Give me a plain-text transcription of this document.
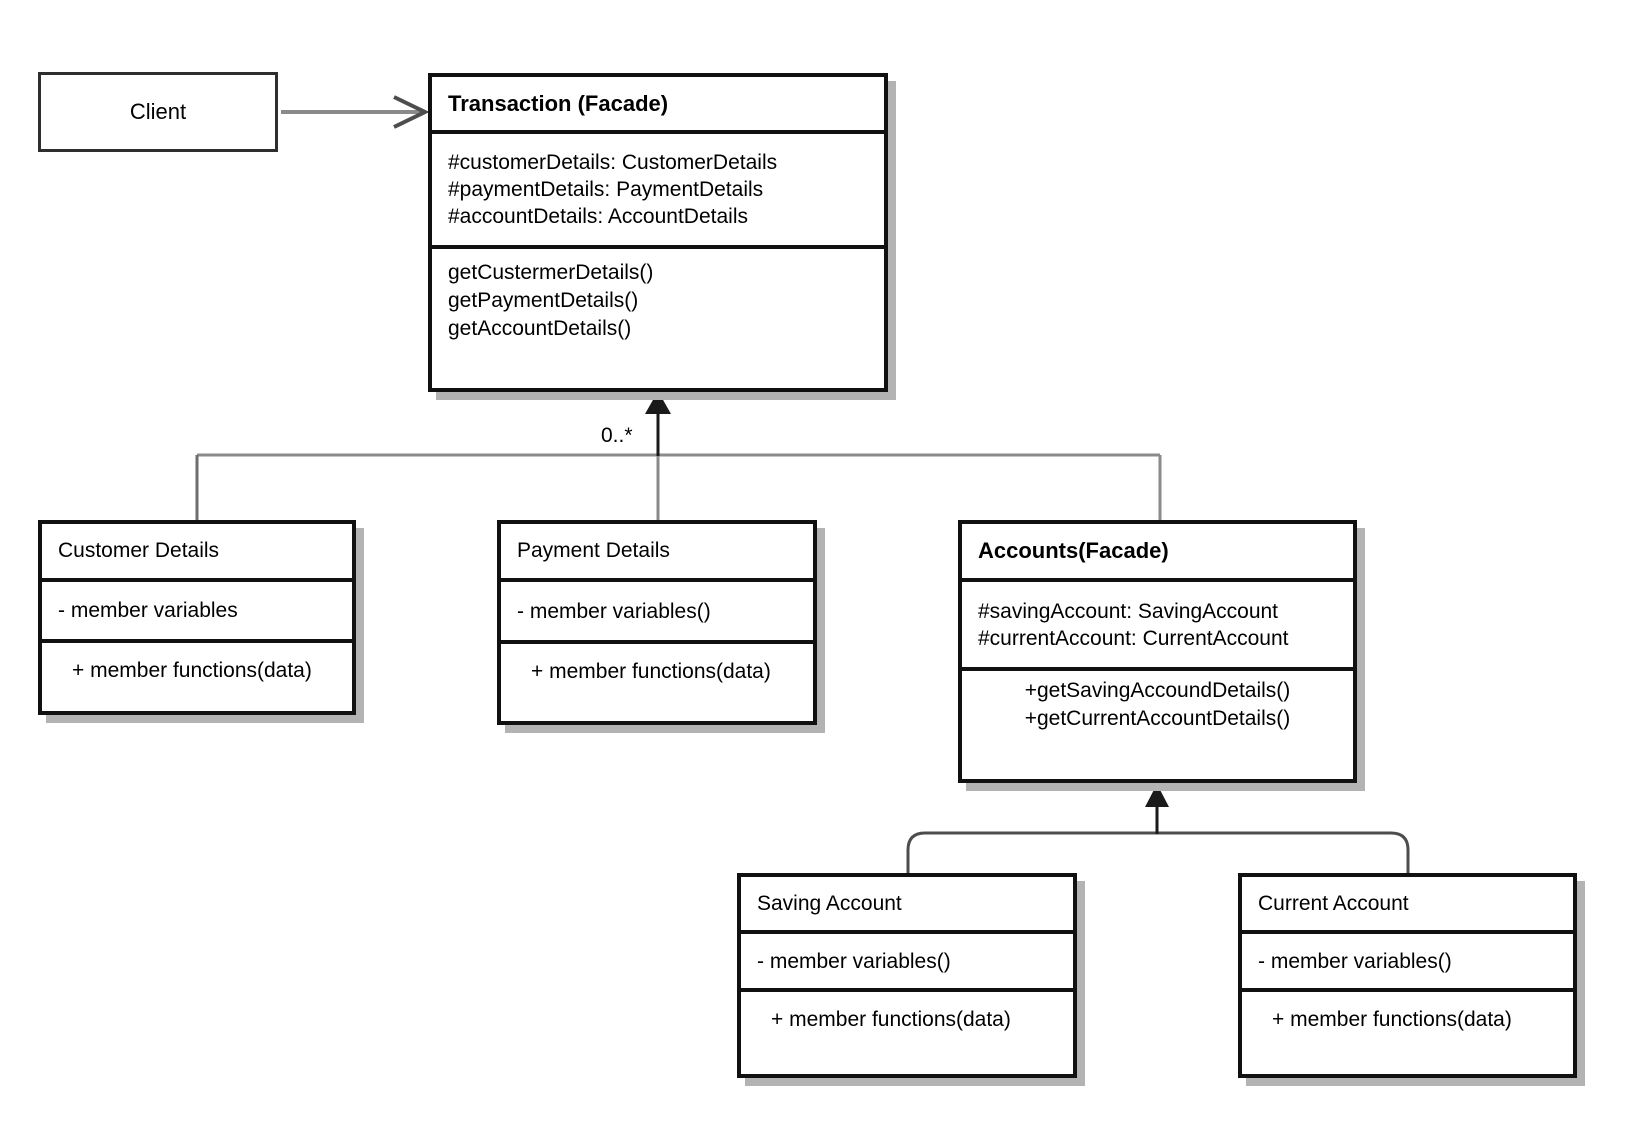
0..*
Client	Transaction (Facade)
#customerDetails: CustomerDetails
#paymentDetails: PaymentDetails
#accountDetails: AccountDetails
getCustermerDetails()
getPaymentDetails()
getAccountDetails()
Customer Details
- member variables
+ member functions(data)
Payment Details
- member variables()
+ member functions(data)
Accounts(Facade)
#savingAccount: SavingAccount
#currentAccount: CurrentAccount
+getSavingAccoundDetails()
+getCurrentAccountDetails()
Saving Account
- member variables()
+ member functions(data)
Current Account
- member variables()
+ member functions(data)
